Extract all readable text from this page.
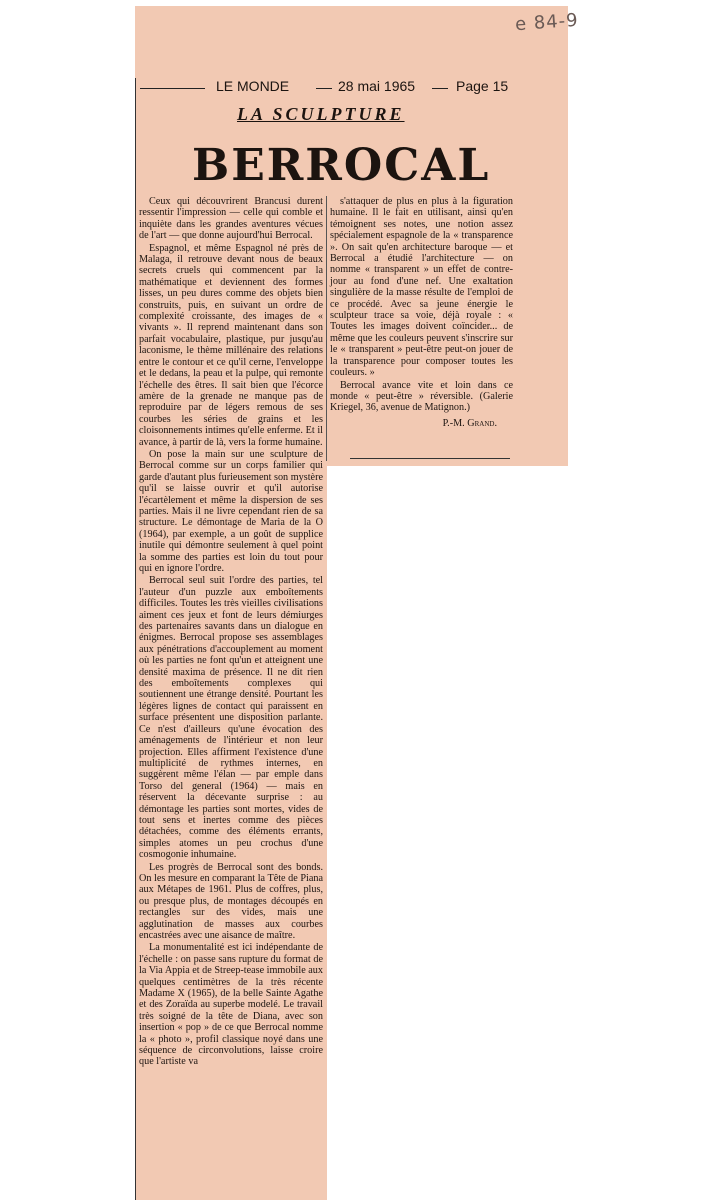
e 84-9
LE MONDE	28 mai 1965	Page 15
LA SCULPTURE
BERROCAL

Ceux qui découvrirent Brancusi durent ressentir l'impression — celle qui comble et inquiète dans les grandes aventures vécues de l'art — que donne aujourd'hui Berrocal.

Espagnol, et même Espagnol né près de Malaga, il retrouve devant nous de beaux secrets cruels qui commencent par la mathématique et deviennent des formes lisses, un peu dures comme des objets bien construits, puis, en suivant un ordre de complexité croissante, des images de « vivants ». Il reprend maintenant dans son parfait vocabulaire, plastique, pur jusqu'au laconisme, le thème millénaire des relations entre le contour et ce qu'il cerne, l'enveloppe et le dedans, la peau et la pulpe, qui remonte l'échelle des êtres. Il sait bien que l'écorce amère de la grenade ne manque pas de reproduire par de légers remous de ses courbes les séries de grains et les cloisonnements intimes qu'elle enferme. Et il avance, à partir de là, vers la forme humaine.

On pose la main sur une sculpture de Berrocal comme sur un corps familier qui garde d'autant plus furieusement son mystère qu'il se laisse ouvrir et qu'il autorise l'écartèlement et même la dispersion de ses parties. Mais il ne livre cependant rien de sa structure. Le démontage de Maria de la O (1964), par exemple, a un goût de supplice inutile qui démontre seulement à quel point la somme des parties est loin du tout pour qui en ignore l'ordre.

Berrocal seul suit l'ordre des parties, tel l'auteur d'un puzzle aux emboîtements difficiles. Toutes les très vieilles civilisations aiment ces jeux et font de leurs démiurges des partenaires savants dans un dialogue en énigmes. Berrocal propose ses assemblages aux pénétrations d'accouplement au moment où les parties ne font qu'un et atteignent une densité maxima de présence. Il ne dit rien des emboîtements complexes qui soutiennent une étrange densité. Pourtant les légères lignes de contact qui paraissent en surface présentent une disposition parlante. Ce n'est d'ailleurs qu'une évocation des aménagements de l'intérieur et non leur projection. Elles affirment l'existence d'une multiplicité de rythmes internes, en suggèrent même l'élan — par emple dans Torso del general (1964) — mais en réservent la décevante surprise : au démontage les parties sont mortes, vides de tout sens et inertes comme des pièces détachées, comme des éléments errants, simples atomes un peu crochus d'une cosmogonie inhumaine.

Les progrès de Berrocal sont des bonds. On les mesure en comparant la Tête de Piana aux Métapes de 1961. Plus de coffres, plus, ou presque plus, de montages découpés en rectangles sur des vides, mais une agglutination de masses aux courbes encastrées avec une aisance de maître.

La monumentalité est ici indépendante de l'échelle : on passe sans rupture du format de la Via Appia et de Streep-tease immobile aux quelques centimètres de la très récente Madame X (1965), de la belle Sainte Agathe et des Zoraïda au superbe modelé. Le travail très soigné de la tête de Diana, avec son insertion « pop » de ce que Berrocal nomme la « photo », profil classique noyé dans une séquence de circonvolutions, laisse croire que l'artiste va

s'attaquer de plus en plus à la figuration humaine. Il le fait en utilisant, ainsi qu'en témoignent ses notes, une notion assez spécialement espagnole de la « transparence ». On sait qu'en architecture baroque — et Berrocal a étudié l'architecture — on nomme « transparent » un effet de contre-jour au fond d'une nef. Une exaltation singulière de la masse résulte de l'emploi de ce procédé. Avec sa jeune énergie le sculpteur trace sa voie, déjà royale : « Toutes les images doivent coïncider... de même que les couleurs peuvent s'inscrire sur le « transparent » peut-être peut-on jouer de la transparence pour composer toutes les couleurs. »

Berrocal avance vite et loin dans ce monde « peut-être » réversible. (Galerie Kriegel, 36, avenue de Matignon.)

P.-M. Grand.
